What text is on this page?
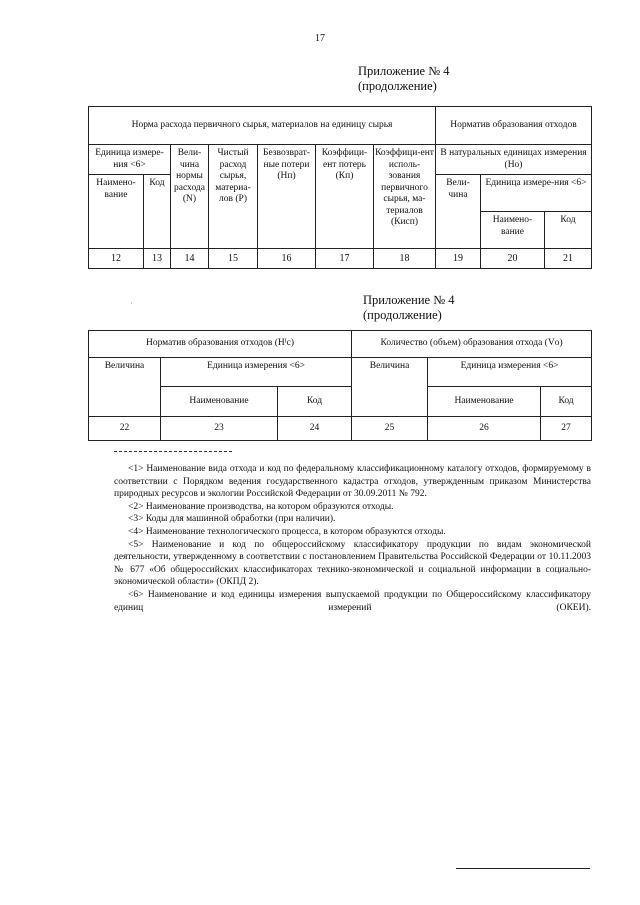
17
Приложение № 4
(продолжение)
Норма расхода первичного сырья, материалов на единицу сырья							Норматив образования отходов		
Единица измере-ния <6>		Вели-чина нормы расхода (N)	Чистый расход сырья, материа-лов (P)	Безвозврат-ные потери (Нп)	Коэффици-ент потерь (Кп)	Коэффици-ент исполь-зования первичного сырья, ма-териалов (Кисп)	В натуральных единицах измерения (Но)		
Наимено-вание	Код						Вели-чина	Единица измере-ния <6>	
								Наимено-вание	Код
12	13	14	15	16	17	18	19	20	21
·	Приложение № 4
(продолжение)
Норматив образования отходов (Нᴵс)			Количество (объем) образования отхода (Vо)		
Величина	Единица измерения <6>		Величина	Единица измерения <6>	
	Наименование	Код		Наименование	Код
22	23	24	25	26	27

<1> Наименование вида отхода и код по федеральному классификационному каталогу отходов, формируемому в соответствии с Порядком ведения государственного кадастра отходов, утвержденным приказом Министерства природных ресурсов и экологии Российской Федерации от 30.09.2011 № 792.

<2> Наименование производства, на котором образуются отходы.

<3> Коды для машинной обработки (при наличии).

<4> Наименование технологического процесса, в котором образуются отходы.

<5> Наименование и код по общероссийскому классификатору продукции по видам экономической деятельности, утвержденному в соответствии с постановлением Правительства Российской Федерации от 10.11.2003 № 677 «Об общероссийских классификаторах технико-экономической и социальной информации в социально-экономической области» (ОКПД 2).

<6> Наименование и код единицы измерения выпускаемой продукции по Общероссийскому классификатору единиц измерений (ОКЕИ).
